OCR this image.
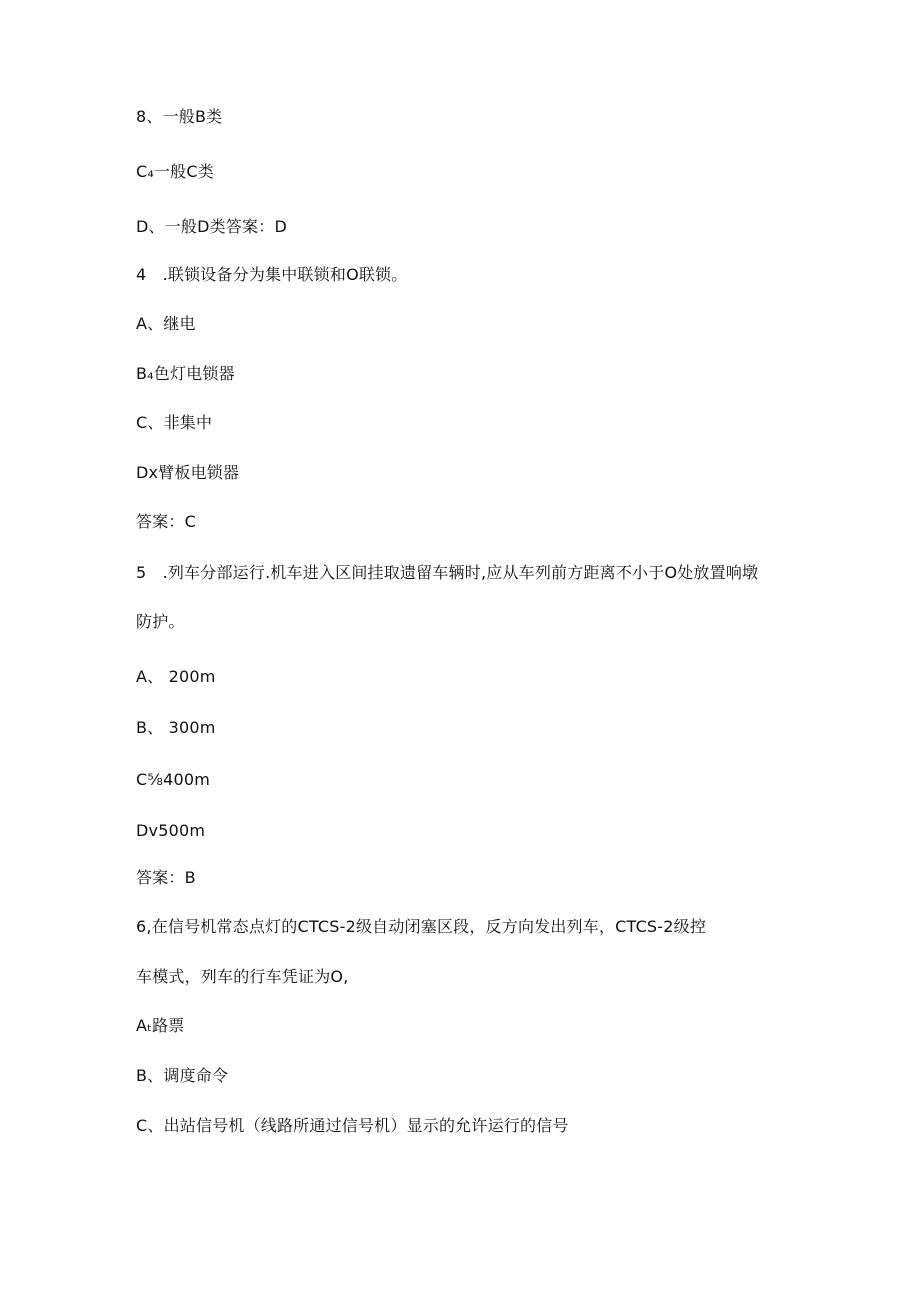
8、一般B类
C₄一般C类
D、一般D类答案：D
4　.联锁设备分为集中联锁和O联锁。
A、继电
B₄色灯电锁器
C、非集中
Dx臂板电锁器
答案：C
5　.列车分部运行.机车进入区间挂取遗留车辆时,应从车列前方距离不小于O处放置响墩
防护。
A、 200m
B、 300m
C⅝400m
Dv500m
答案：B
6,在信号机常态点灯的CTCS-2级自动闭塞区段，反方向发出列车，CTCS-2级控
车模式，列车的行车凭证为O,
Aₜ路票
B、调度命令
C、出站信号机（线路所通过信号机）显示的允许运行的信号
